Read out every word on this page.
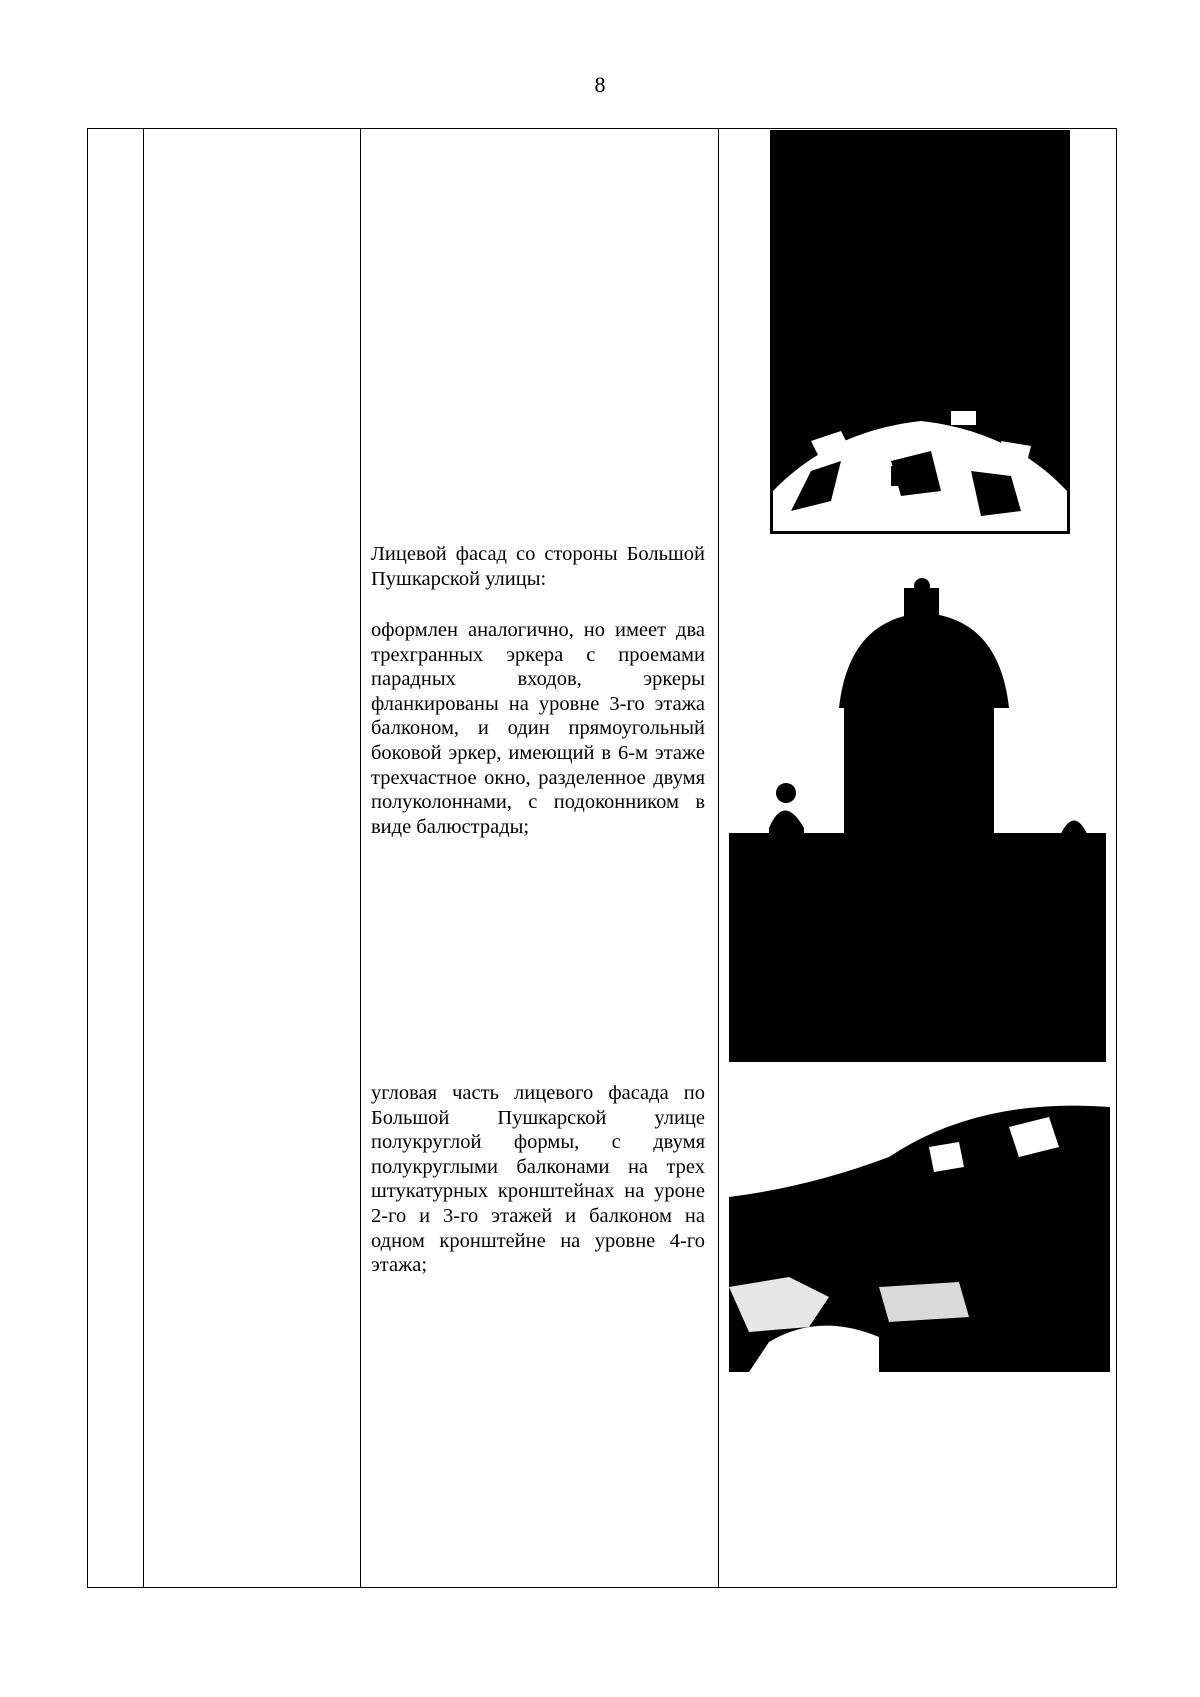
8

Лицевой фасад со стороны Большой Пушкарской улицы:

оформлен аналогично, но имеет два трехгранных эркера с проемами парадных входов, эркеры фланкированы на уровне 3-го этажа балконом, и один прямоугольный боковой эркер, имеющий в 6-м этаже трехчастное окно, разделенное двумя полуколоннами, с подоконником в виде балюстрады;

угловая часть лицевого фасада по Большой Пушкарской улице полукруглой формы, с двумя полукруглыми балконами на трех штукатурных кронштейнах на уроне 2-го и 3-го этажей и балконом на одном кронштейне на уровне 4-го этажа;
